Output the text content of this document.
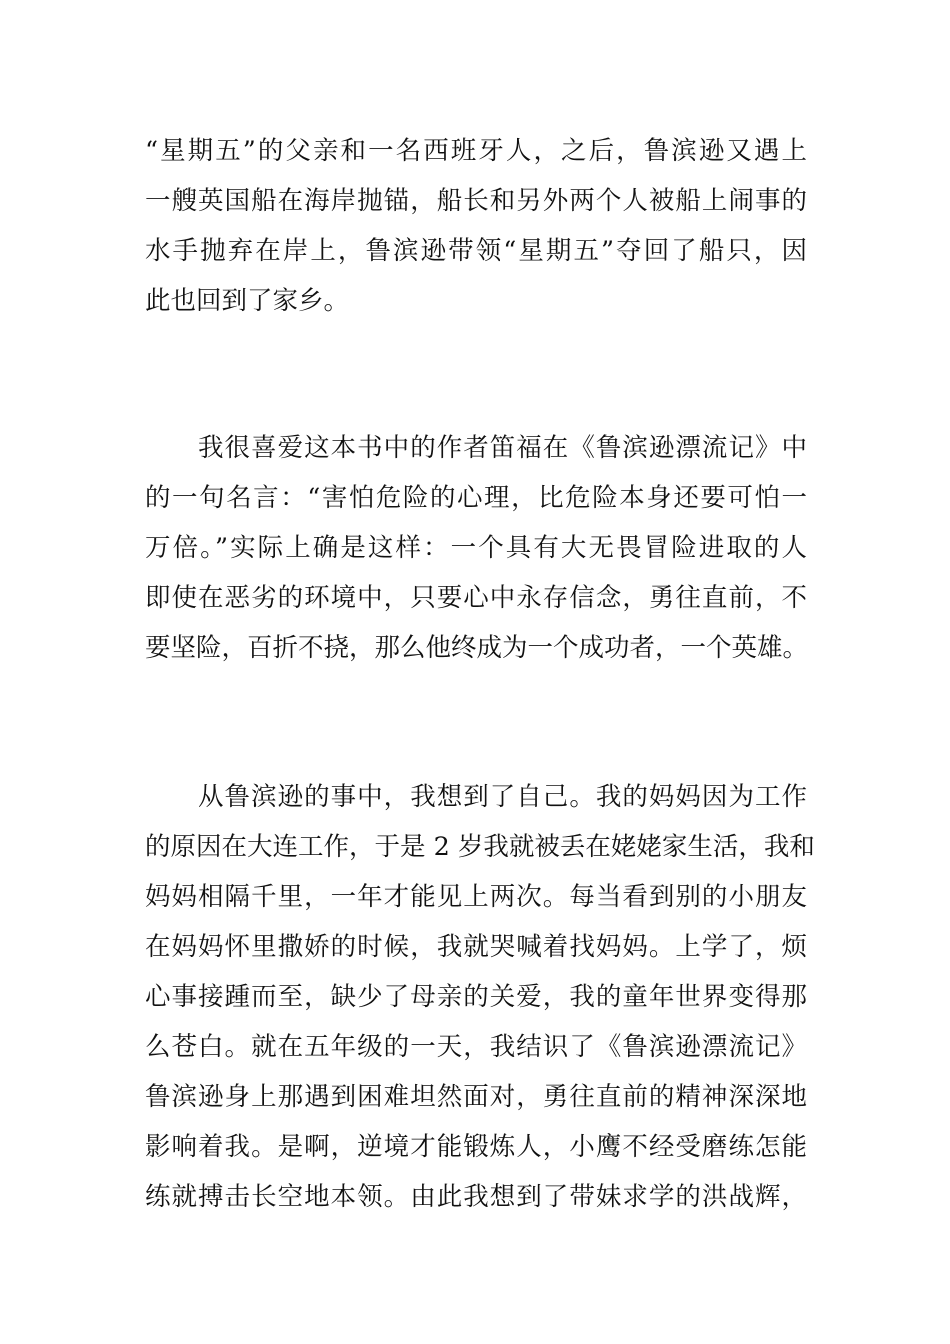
“星期五”的父亲和一名西班牙人，之后，鲁滨逊又遇上
一艘英国船在海岸抛锚，船长和另外两个人被船上闹事的
水手抛弃在岸上，鲁滨逊带领“星期五”夺回了船只，因
此也回到了家乡。
　　我很喜爱这本书中的作者笛福在《鲁滨逊漂流记》中
的一句名言：“害怕危险的心理，比危险本身还要可怕一
万倍。”实际上确是这样：一个具有大无畏冒险进取的人
即使在恶劣的环境中，只要心中永存信念，勇往直前，不
要坚险，百折不挠，那么他终成为一个成功者，一个英雄。
　　从鲁滨逊的事中，我想到了自己。我的妈妈因为工作
的原因在大连工作，于是 2 岁我就被丢在姥姥家生活，我和
妈妈相隔千里，一年才能见上两次。每当看到别的小朋友
在妈妈怀里撒娇的时候，我就哭喊着找妈妈。上学了，烦
心事接踵而至，缺少了母亲的关爱，我的童年世界变得那
么苍白。就在五年级的一天，我结识了《鲁滨逊漂流记》
鲁滨逊身上那遇到困难坦然面对，勇往直前的精神深深地
影响着我。是啊，逆境才能锻炼人，小鹰不经受磨练怎能
练就搏击长空地本领。由此我想到了带妹求学的洪战辉，
